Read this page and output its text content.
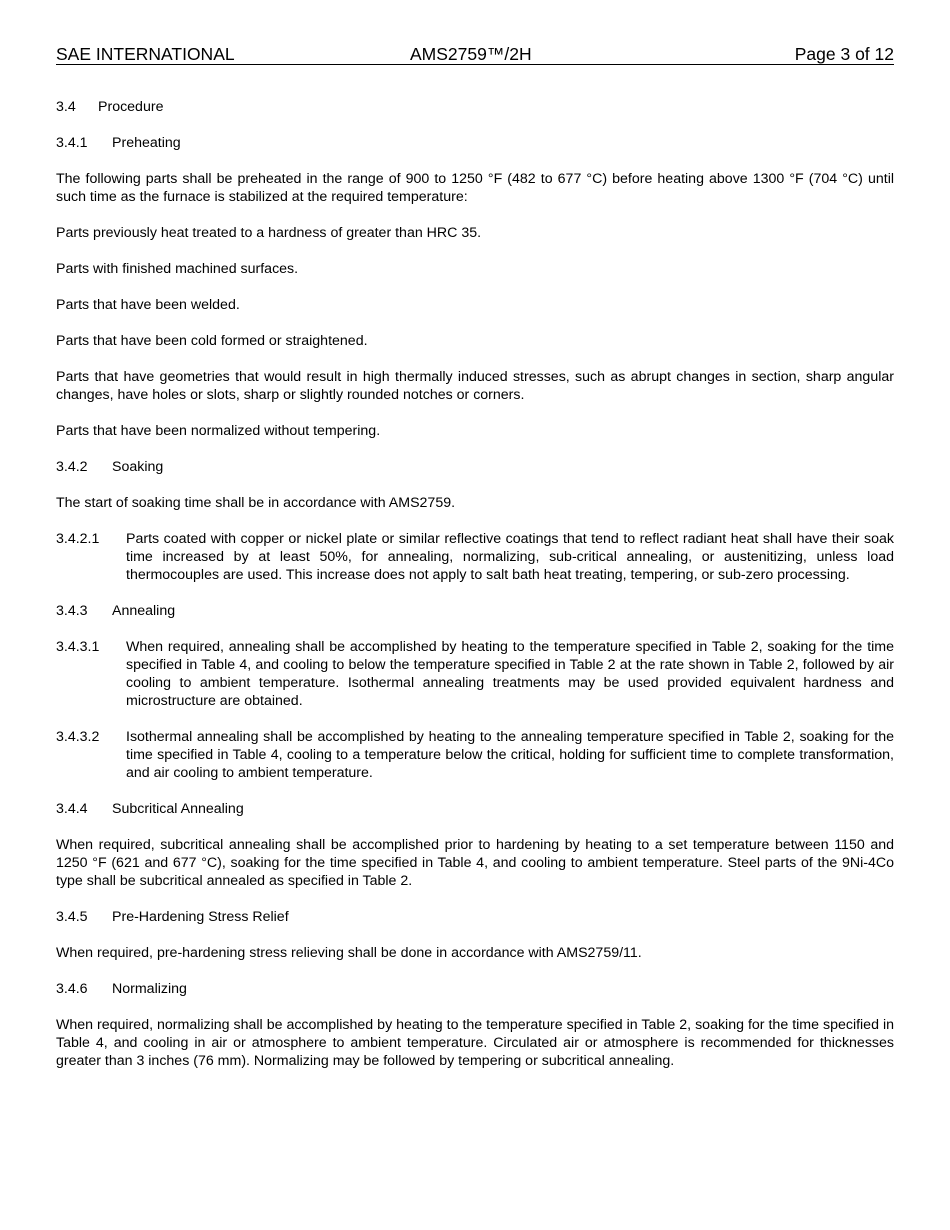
SAE INTERNATIONAL	AMS2759™/2H	Page 3 of 12
3.4	Procedure
3.4.1	Preheating

The following parts shall be preheated in the range of 900 to 1250 °F (482 to 677 °C) before heating above 1300 °F (704 °C) until such time as the furnace is stabilized at the required temperature:

Parts previously heat treated to a hardness of greater than HRC 35.

Parts with finished machined surfaces.

Parts that have been welded.

Parts that have been cold formed or straightened.

Parts that have geometries that would result in high thermally induced stresses, such as abrupt changes in section, sharp angular changes, have holes or slots, sharp or slightly rounded notches or corners.

Parts that have been normalized without tempering.

3.4.2	Soaking

The start of soaking time shall be in accordance with AMS2759.

3.4.2.1	Parts coated with copper or nickel plate or similar reflective coatings that tend to reflect radiant heat shall have their soak time increased by at least 50%, for annealing, normalizing, sub-critical annealing, or austenitizing, unless load thermocouples are used. This increase does not apply to salt bath heat treating, tempering, or sub-zero processing.
3.4.3	Annealing
3.4.3.1	When required, annealing shall be accomplished by heating to the temperature specified in Table 2, soaking for the time specified in Table 4, and cooling to below the temperature specified in Table 2 at the rate shown in Table 2, followed by air cooling to ambient temperature. Isothermal annealing treatments may be used provided equivalent hardness and microstructure are obtained.
3.4.3.2	Isothermal annealing shall be accomplished by heating to the annealing temperature specified in Table 2, soaking for the time specified in Table 4, cooling to a temperature below the critical, holding for sufficient time to complete transformation, and air cooling to ambient temperature.
3.4.4	Subcritical Annealing

When required, subcritical annealing shall be accomplished prior to hardening by heating to a set temperature between 1150 and 1250 °F (621 and 677 °C), soaking for the time specified in Table 4, and cooling to ambient temperature. Steel parts of the 9Ni-4Co type shall be subcritical annealed as specified in Table 2.

3.4.5	Pre-Hardening Stress Relief

When required, pre-hardening stress relieving shall be done in accordance with AMS2759/11.

3.4.6	Normalizing

When required, normalizing shall be accomplished by heating to the temperature specified in Table 2, soaking for the time specified in Table 4, and cooling in air or atmosphere to ambient temperature. Circulated air or atmosphere is recommended for thicknesses greater than 3 inches (76 mm). Normalizing may be followed by tempering or subcritical annealing.
